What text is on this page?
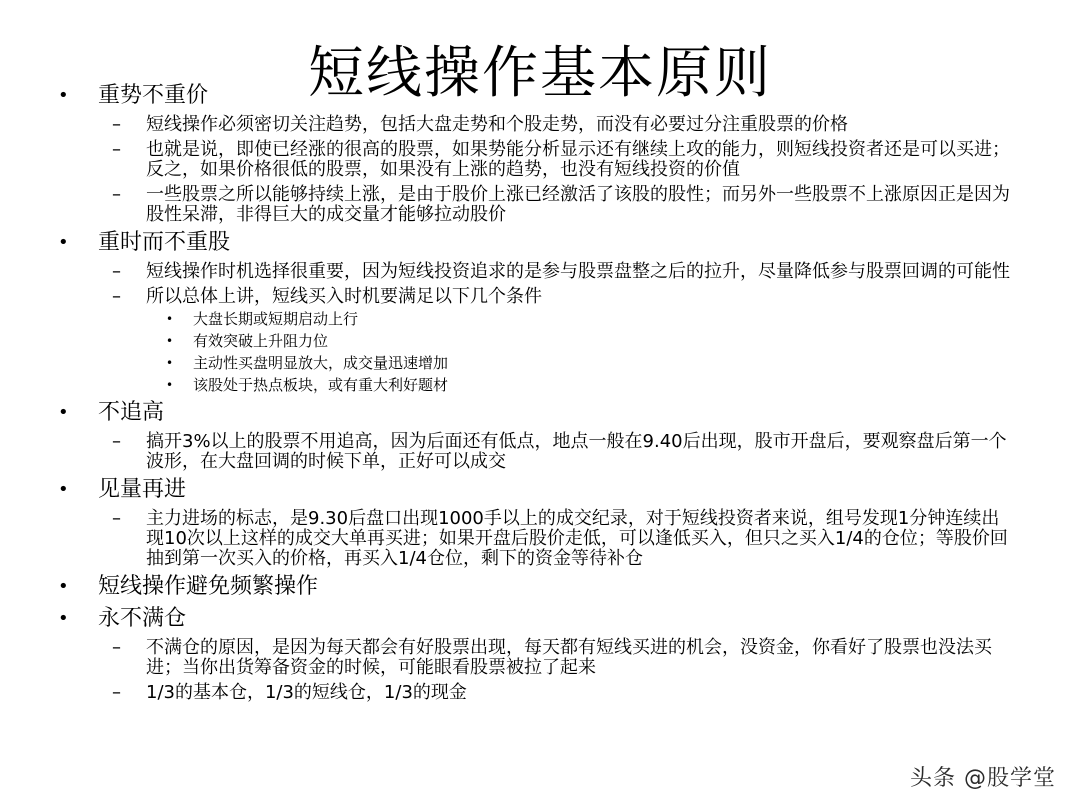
短线操作基本原则
•	重势不重价
–	短线操作必须密切关注趋势，包括大盘走势和个股走势，而没有必要过分注重股票的价格
–	也就是说，即使已经涨的很高的股票，如果势能分析显示还有继续上攻的能力，则短线投资者还是可以买进；反之，如果价格很低的股票，如果没有上涨的趋势，也没有短线投资的价值
–	一些股票之所以能够持续上涨，是由于股价上涨已经激活了该股的股性；而另外一些股票不上涨原因正是因为股性呆滞，非得巨大的成交量才能够拉动股价
•	重时而不重股
–	短线操作时机选择很重要，因为短线投资追求的是参与股票盘整之后的拉升，尽量降低参与股票回调的可能性
–	所以总体上讲，短线买入时机要满足以下几个条件
•	大盘长期或短期启动上行
•	有效突破上升阻力位
•	主动性买盘明显放大，成交量迅速增加
•	该股处于热点板块，或有重大利好题材
•	不追高
–	搞开3%以上的股票不用追高，因为后面还有低点，地点一般在9.40后出现，股市开盘后，要观察盘后第一个波形，在大盘回调的时候下单，正好可以成交
•	见量再进
–	主力进场的标志，是9.30后盘口出现1000手以上的成交纪录，对于短线投资者来说，组号发现1分钟连续出现10次以上这样的成交大单再买进；如果开盘后股价走低，可以逢低买入，但只之买入1/4的仓位；等股价回抽到第一次买入的价格，再买入1/4仓位，剩下的资金等待补仓
•	短线操作避免频繁操作
•	永不满仓
–	不满仓的原因，是因为每天都会有好股票出现，每天都有短线买进的机会，没资金，你看好了股票也没法买进；当你出货筹备资金的时候，可能眼看股票被拉了起来
–	1/3的基本仓，1/3的短线仓，1/3的现金
头条 @股学堂
